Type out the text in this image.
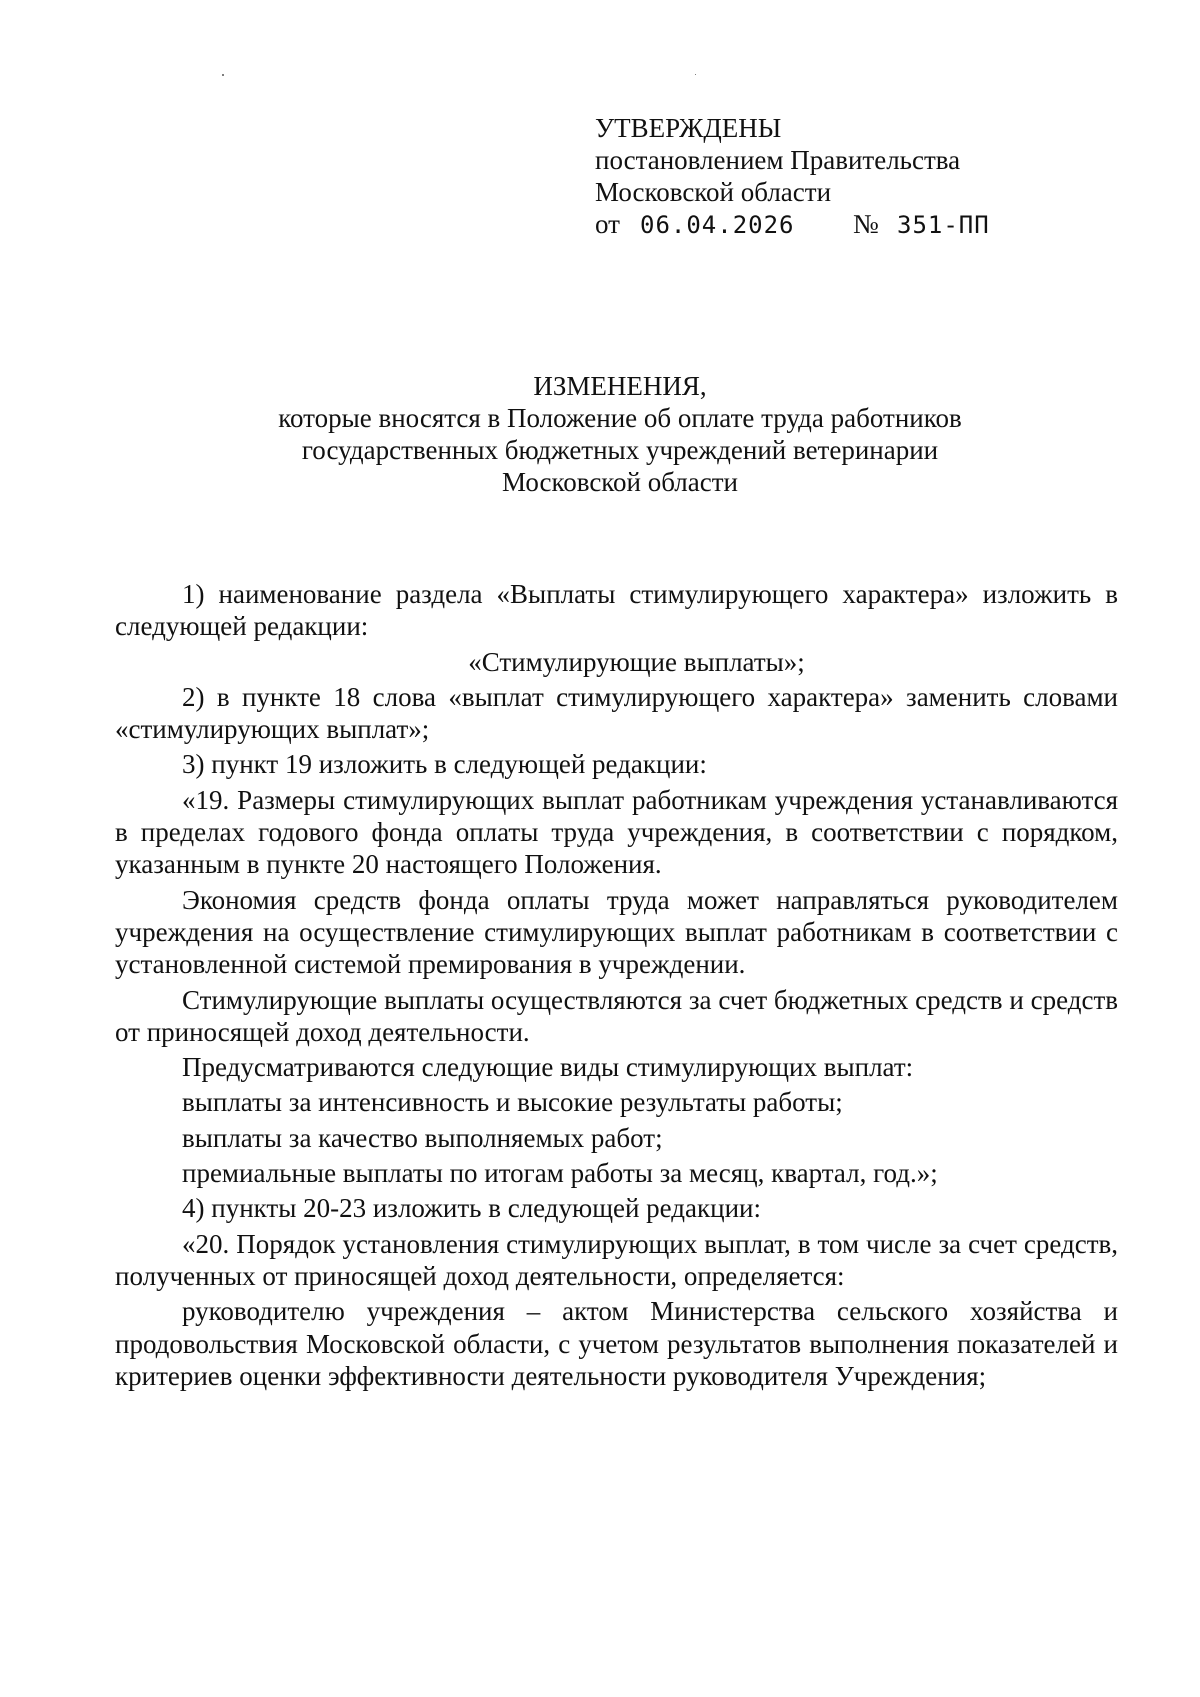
УТВЕРЖДЕНЫ
постановлением Правительства
Московской области
от 06.04.2026 № 351-ПП
ИЗМЕНЕНИЯ,
которые вносятся в Положение об оплате труда работников
государственных бюджетных учреждений ветеринарии
Московской области

1) наименование раздела «Выплаты стимулирующего характера» изложить в следующей редакции:

«Стимулирующие выплаты»;

2) в пункте 18 слова «выплат стимулирующего характера» заменить словами «стимулирующих выплат»;

3) пункт 19 изложить в следующей редакции:

«19. Размеры стимулирующих выплат работникам учреждения устанавливаются в пределах годового фонда оплаты труда учреждения, в соответствии с порядком, указанным в пункте 20 настоящего Положения.

Экономия средств фонда оплаты труда может направляться руководителем учреждения на осуществление стимулирующих выплат работникам в соответствии с установленной системой премирования в учреждении.

Стимулирующие выплаты осуществляются за счет бюджетных средств и средств от приносящей доход деятельности.

Предусматриваются следующие виды стимулирующих выплат:

выплаты за интенсивность и высокие результаты работы;

выплаты за качество выполняемых работ;

премиальные выплаты по итогам работы за месяц, квартал, год.»;

4) пункты 20-23 изложить в следующей редакции:

«20. Порядок установления стимулирующих выплат, в том числе за счет средств, полученных от приносящей доход деятельности, определяется:

руководителю учреждения – актом Министерства сельского хозяйства и продовольствия Московской области, с учетом результатов выполнения показателей и критериев оценки эффективности деятельности руководителя Учреждения;
